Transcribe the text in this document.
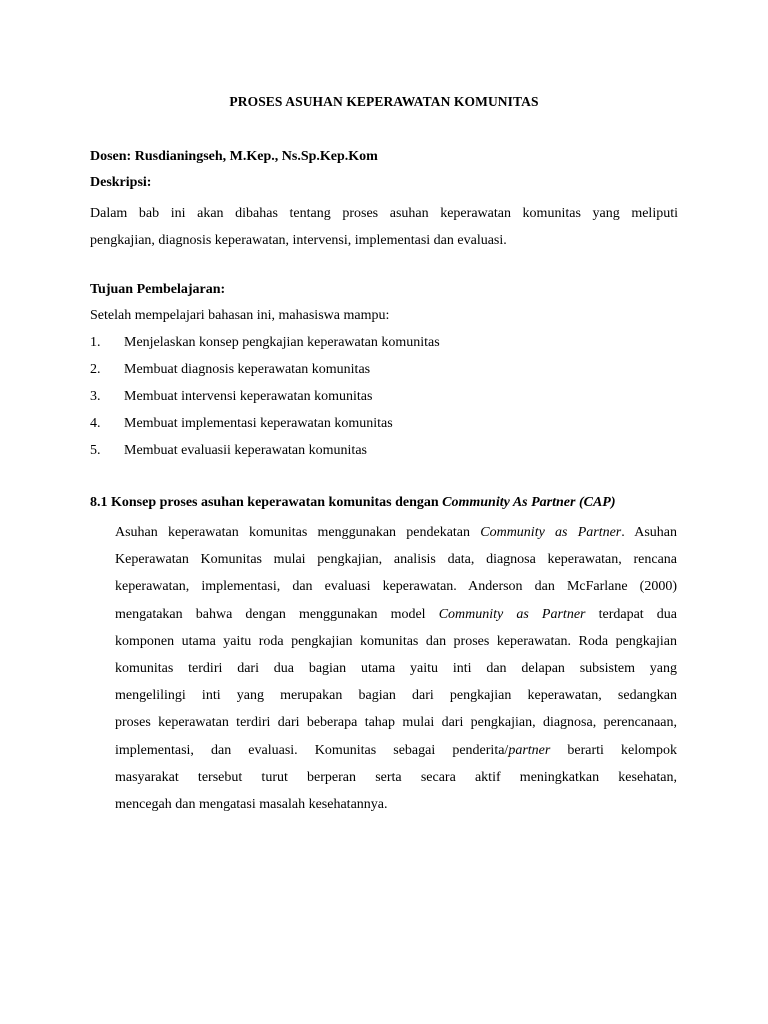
PROSES ASUHAN KEPERAWATAN KOMUNITAS
Dosen: Rusdianingseh, M.Kep., Ns.Sp.Kep.Kom
Deskripsi:
Dalam bab ini akan dibahas tentang proses asuhan keperawatan komunitas yang meliputi
pengkajian, diagnosis keperawatan, intervensi, implementasi dan evaluasi.
Tujuan Pembelajaran:
Setelah mempelajari bahasan ini, mahasiswa mampu:
1. Menjelaskan konsep pengkajian keperawatan komunitas
2. Membuat diagnosis keperawatan komunitas
3. Membuat intervensi keperawatan komunitas
4. Membuat implementasi keperawatan komunitas
5. Membuat evaluasii keperawatan komunitas
8.1 Konsep proses asuhan keperawatan komunitas dengan Community As Partner (CAP)
Asuhan keperawatan komunitas menggunakan pendekatan Community as Partner. Asuhan
Keperawatan Komunitas mulai pengkajian, analisis data, diagnosa keperawatan, rencana
keperawatan, implementasi, dan evaluasi keperawatan. Anderson dan McFarlane (2000)
mengatakan bahwa dengan menggunakan model Community as Partner terdapat dua
komponen utama yaitu roda pengkajian komunitas dan proses keperawatan. Roda pengkajian
komunitas terdiri dari dua bagian utama yaitu inti dan delapan subsistem yang
mengelilingi inti yang merupakan bagian dari pengkajian keperawatan, sedangkan
proses keperawatan terdiri dari beberapa tahap mulai dari pengkajian, diagnosa, perencanaan,
implementasi, dan evaluasi. Komunitas sebagai penderita/partner berarti kelompok
masyarakat tersebut turut berperan serta secara aktif meningkatkan kesehatan,
mencegah dan mengatasi masalah kesehatannya.
